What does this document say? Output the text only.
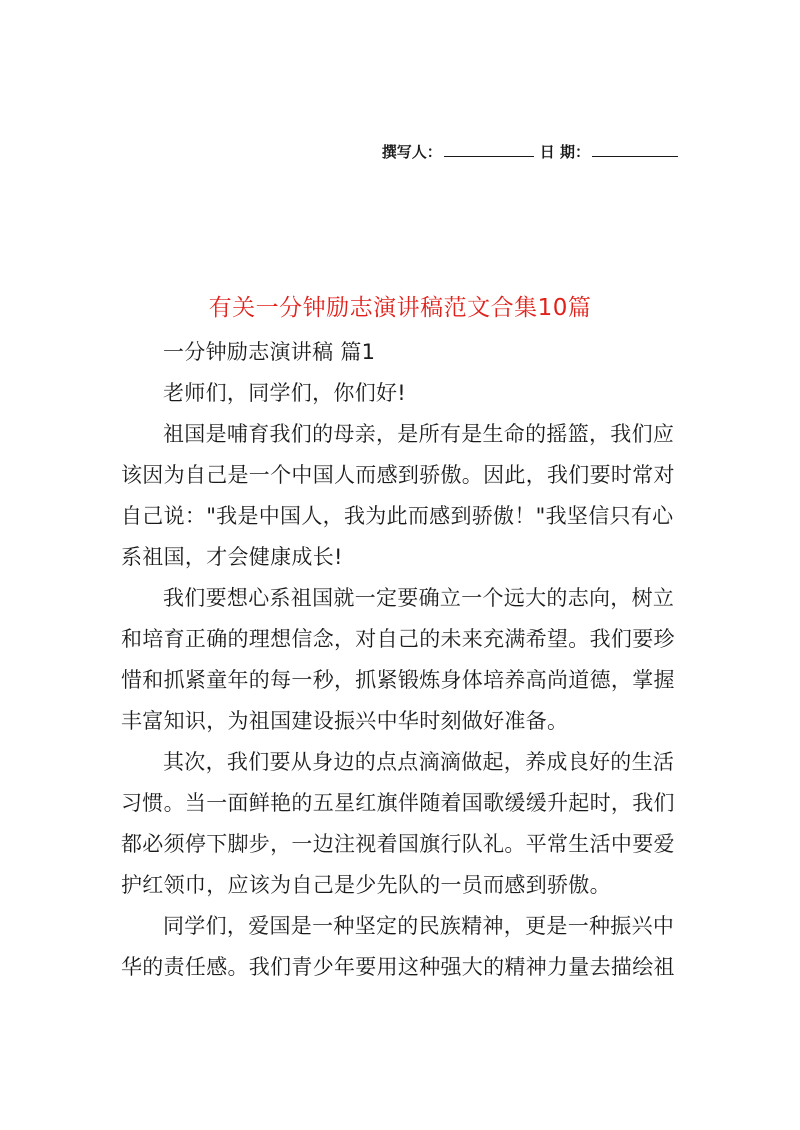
撰写人：	日 期：
有关一分钟励志演讲稿范文合集10篇

一分钟励志演讲稿 篇1

老师们，同学们，你们好!

祖国是哺育我们的母亲，是所有是生命的摇篮，我们应该因为自己是一个中国人而感到骄傲。因此，我们要时常对自己说："我是中国人，我为此而感到骄傲！"我坚信只有心系祖国，才会健康成长!

我们要想心系祖国就一定要确立一个远大的志向，树立和培育正确的理想信念，对自己的未来充满希望。我们要珍惜和抓紧童年的每一秒，抓紧锻炼身体培养高尚道德，掌握丰富知识，为祖国建设振兴中华时刻做好准备。

其次，我们要从身边的点点滴滴做起，养成良好的生活习惯。当一面鲜艳的五星红旗伴随着国歌缓缓升起时，我们都必须停下脚步，一边注视着国旗行队礼。平常生活中要爱护红领巾，应该为自己是少先队的一员而感到骄傲。

同学们，爱国是一种坚定的民族精神，更是一种振兴中华的责任感。我们青少年要用这种强大的精神力量去描绘祖
